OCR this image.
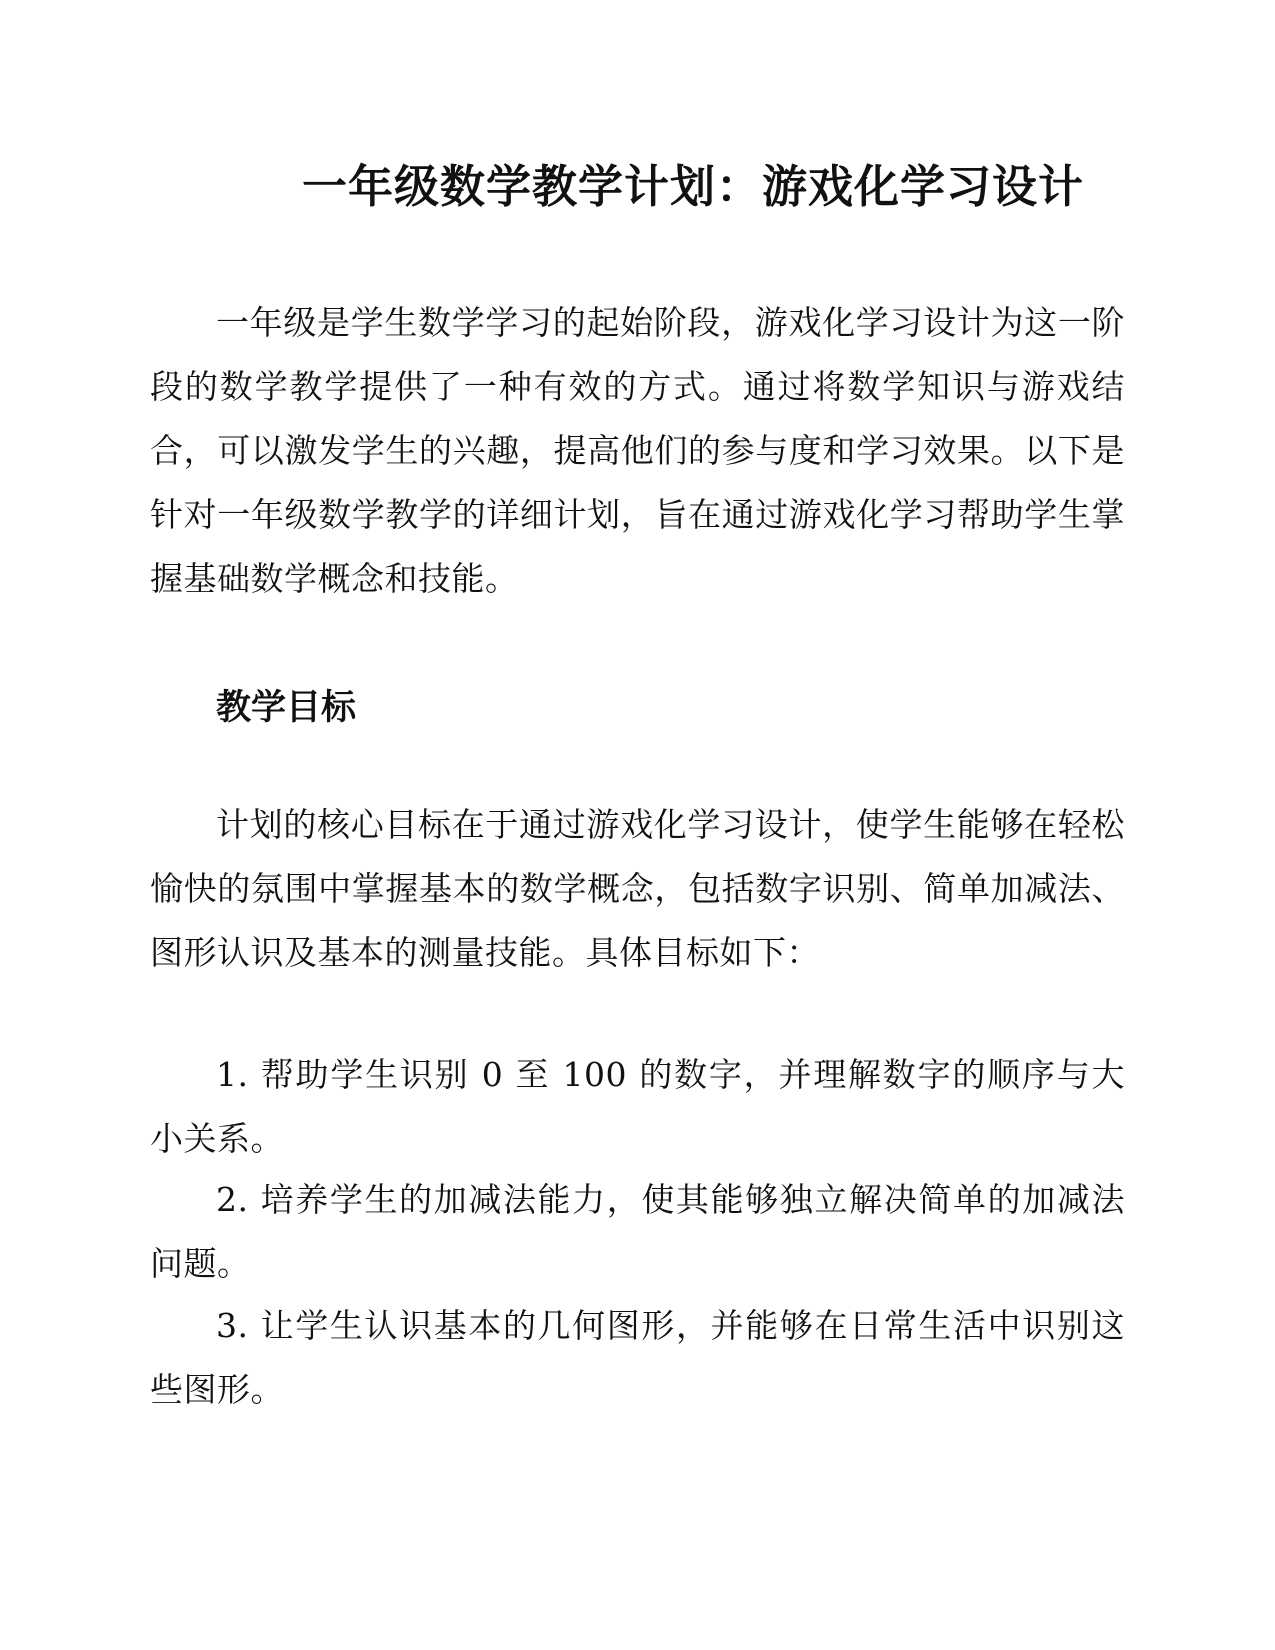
一年级数学教学计划：游戏化学习设计

一年级是学生数学学习的起始阶段，游戏化学习设计为这一阶段的数学教学提供了一种有效的方式。通过将数学知识与游戏结合，可以激发学生的兴趣，提高他们的参与度和学习效果。以下是针对一年级数学教学的详细计划，旨在通过游戏化学习帮助学生掌握基础数学概念和技能。

教学目标

计划的核心目标在于通过游戏化学习设计，使学生能够在轻松愉快的氛围中掌握基本的数学概念，包括数字识别、简单加减法、图形认识及基本的测量技能。具体目标如下：

1. 帮助学生识别 0 至 100 的数字，并理解数字的顺序与大小关系。

2. 培养学生的加减法能力，使其能够独立解决简单的加减法问题。

3. 让学生认识基本的几何图形，并能够在日常生活中识别这些图形。
